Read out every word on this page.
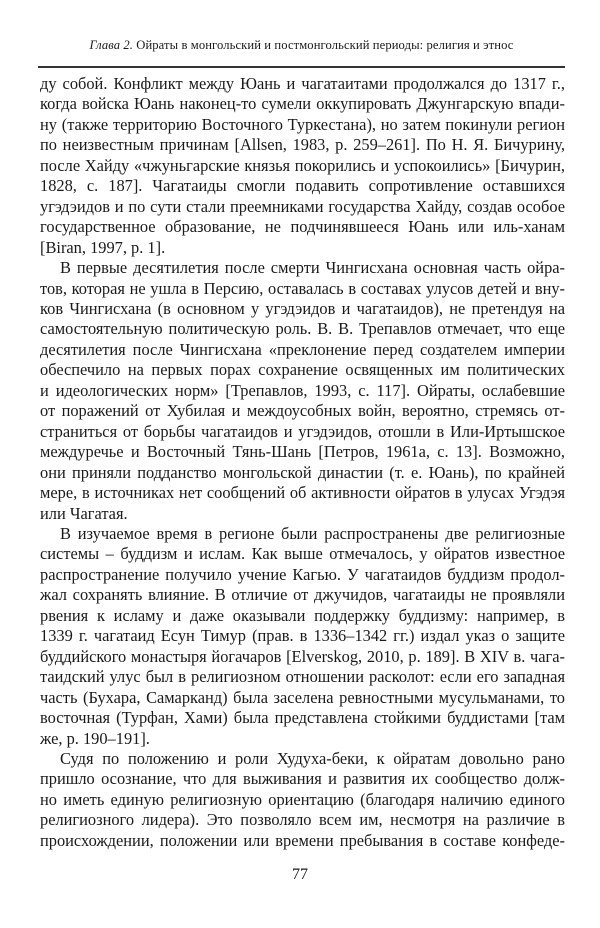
Глава 2. Ойраты в монгольский и постмонгольский периоды: религия и этнос
ду собой. Конфликт между Юань и чагатаитами продолжался до 1317 г.,
когда войска Юань наконец-то сумели оккупировать Джунгарскую впади-
ну (также территорию Восточного Туркестана), но затем покинули регион
по неизвестным причинам [Allsen, 1983, p. 259–261]. По Н. Я. Бичурину,
после Хайду «чжуньгарские князья покорились и успокоились» [Бичурин,
1828, с. 187]. Чагатаиды смогли подавить сопротивление оставшихся
угэдэидов и по сути стали преемниками государства Хайду, создав особое
государственное образование, не подчинявшееся Юань или иль-ханам
[Biran, 1997, p. 1].
В первые десятилетия после смерти Чингисхана основная часть ойра-
тов, которая не ушла в Персию, оставалась в составах улусов детей и вну-
ков Чингисхана (в основном у угэдэидов и чагатаидов), не претендуя на
самостоятельную политическую роль. В. В. Трепавлов отмечает, что еще
десятилетия после Чингисхана «преклонение перед создателем империи
обеспечило на первых порах сохранение освященных им политических
и идеологических норм» [Трепавлов, 1993, с. 117]. Ойраты, ослабевшие
от поражений от Хубилая и междоусобных войн, вероятно, стремясь от-
страниться от борьбы чагатаидов и угэдэидов, отошли в Или-Иртышское
междуречье и Восточный Тянь-Шань [Петров, 1961а, с. 13]. Возможно,
они приняли подданство монгольской династии (т. е. Юань), по крайней
мере, в источниках нет сообщений об активности ойратов в улусах Угэдэя
или Чагатая.
В изучаемое время в регионе были распространены две религиозные
системы – буддизм и ислам. Как выше отмечалось, у ойратов известное
распространение получило учение Кагью. У чагатаидов буддизм продол-
жал сохранять влияние. В отличие от джучидов, чагатаиды не проявляли
рвения к исламу и даже оказывали поддержку буддизму: например, в
1339 г. чагатаид Есун Тимур (прав. в 1336–1342 гг.) издал указ о защите
буддийского монастыря йогачаров [Elverskog, 2010, p. 189]. В XIV в. чага-
таидский улус был в религиозном отношении расколот: если его западная
часть (Бухара, Самарканд) была заселена ревностными мусульманами, то
восточная (Турфан, Хами) была представлена стойкими буддистами [там
же, p. 190–191].
Судя по положению и роли Худуха-беки, к ойратам довольно рано
пришло осознание, что для выживания и развития их сообщество долж-
но иметь единую религиозную ориентацию (благодаря наличию единого
религиозного лидера). Это позволяло всем им, несмотря на различие в
происхождении, положении или времени пребывания в составе конфеде-
77
